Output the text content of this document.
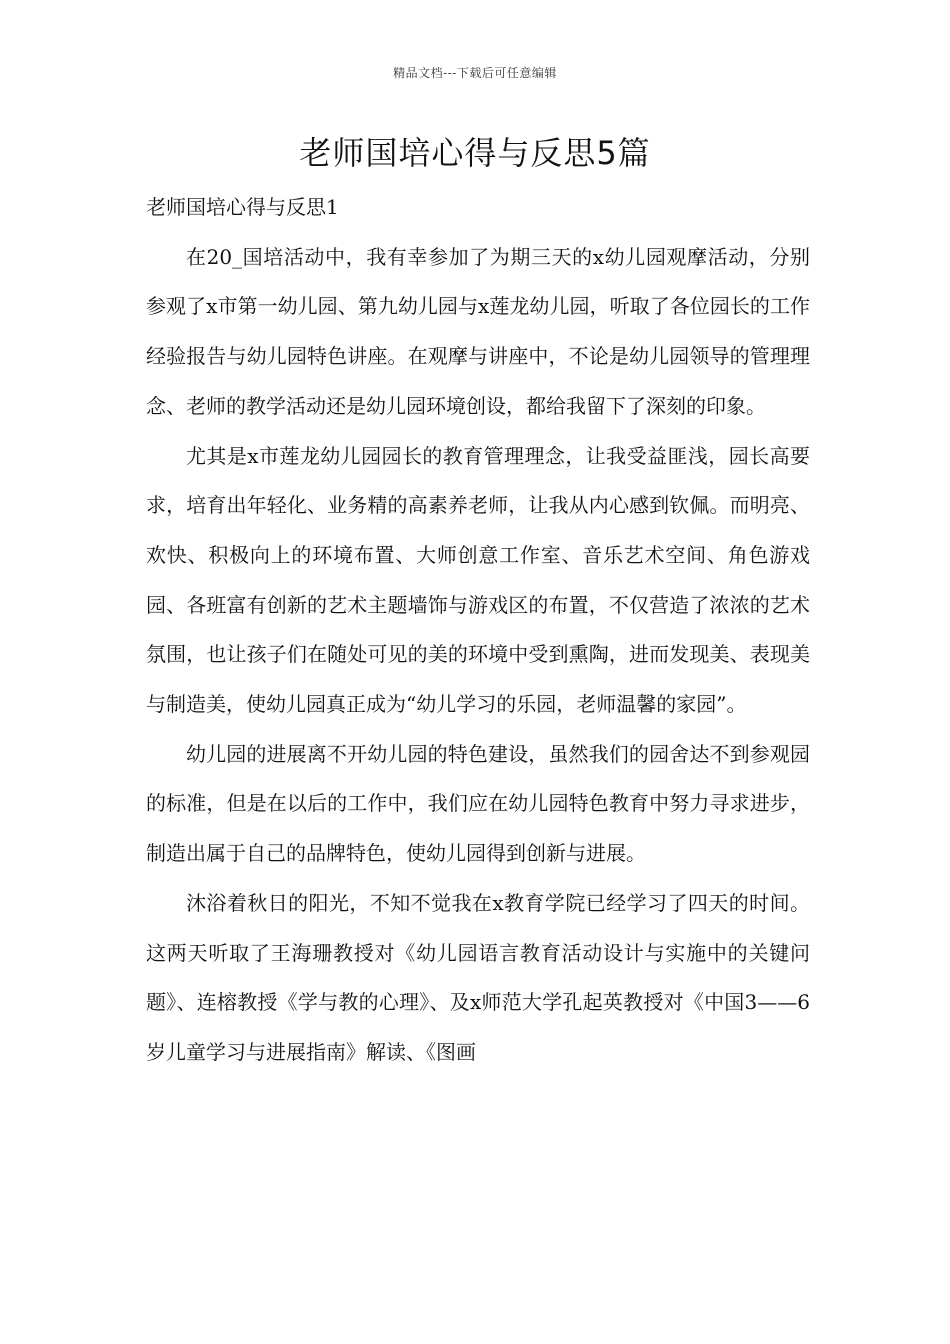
精品文档---下载后可任意编辑
老师国培心得与反思5篇

老师国培心得与反思1

在20_国培活动中，我有幸参加了为期三天的x幼儿园观摩活动，分别参观了x市第一幼儿园、第九幼儿园与x莲龙幼儿园，听取了各位园长的工作经验报告与幼儿园特色讲座。在观摩与讲座中，不论是幼儿园领导的管理理念、老师的教学活动还是幼儿园环境创设，都给我留下了深刻的印象。

尤其是x市莲龙幼儿园园长的教育管理理念，让我受益匪浅，园长高要求，培育出年轻化、业务精的高素养老师，让我从内心感到钦佩。而明亮、欢快、积极向上的环境布置、大师创意工作室、音乐艺术空间、角色游戏园、各班富有创新的艺术主题墙饰与游戏区的布置，不仅营造了浓浓的艺术氛围，也让孩子们在随处可见的美的环境中受到熏陶，进而发现美、表现美与制造美，使幼儿园真正成为“幼儿学习的乐园，老师温馨的家园”。

幼儿园的进展离不开幼儿园的特色建设，虽然我们的园舍达不到参观园的标准，但是在以后的工作中，我们应在幼儿园特色教育中努力寻求进步，制造出属于自己的品牌特色，使幼儿园得到创新与进展。

沐浴着秋日的阳光，不知不觉我在x教育学院已经学习了四天的时间。这两天听取了王海珊教授对《幼儿园语言教育活动设计与实施中的关键问题》、连榕教授《学与教的心理》、及x师范大学孔起英教授对《中国3——6岁儿童学习与进展指南》解读、《图画
